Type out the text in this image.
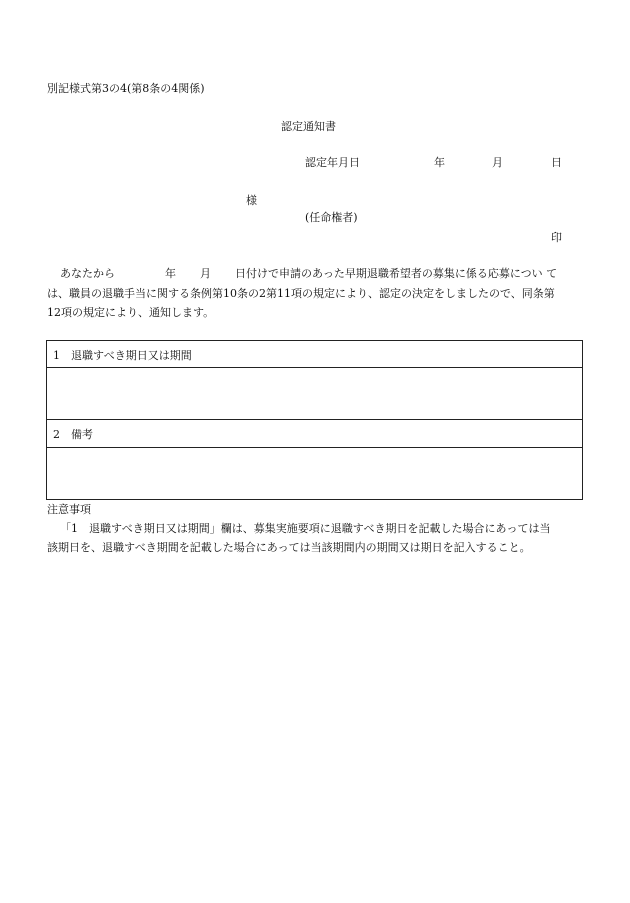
別記様式第3の4(第8条の4関係)
認定通知書
認定年月日	年	月	日
様
(任命権者)
印
あなたから	年 月 日付けで申請のあった早期退職希望者の募集に係る応募につい て
は、職員の退職手当に関する条例第10条の2第11項の規定により、認定の決定をしましたので、同条第
12項の規定により、通知します。
1　退職すべき期日又は期間
2　備考
注意事項
「1　退職すべき期日又は期間」欄は、募集実施要項に退職すべき期日を記載した場合にあっては当
該期日を、退職すべき期間を記載した場合にあっては当該期間内の期間又は期日を記入すること。
